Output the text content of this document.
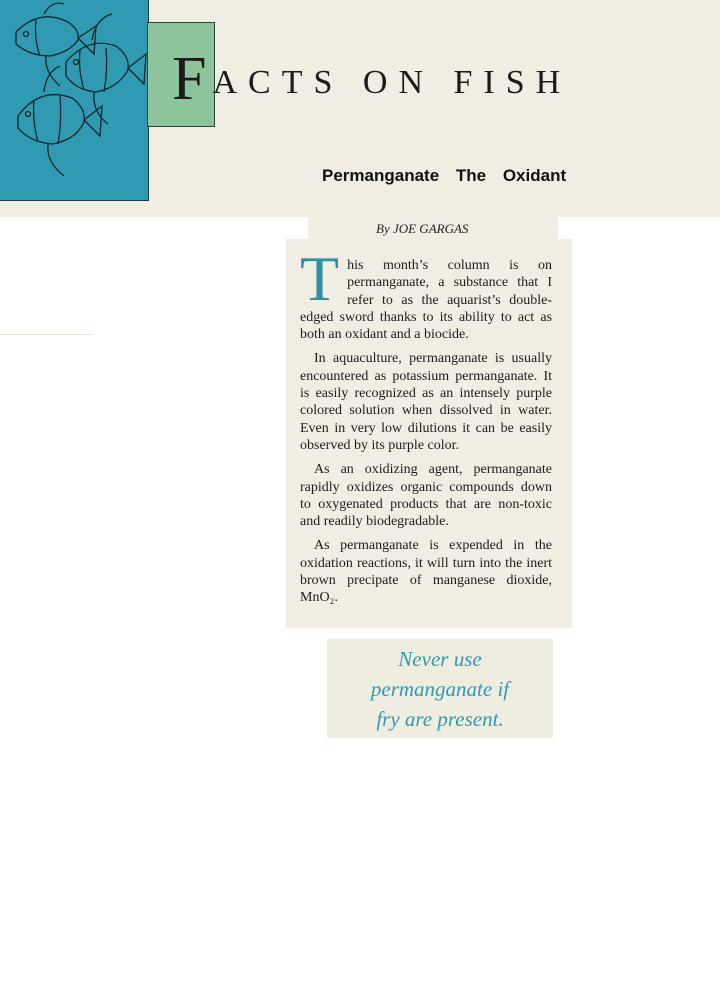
F ACTS ON FISH
Permanganate The Oxidant
By JOE GARGAS

T his month’s column is on permanganate, a substance that I refer to as the aquarist’s double-edged sword thanks to its ability to act as both an oxidant and a biocide.

In aquaculture, permanganate is usually encountered as potassium permanganate. It is easily recognized as an intensely purple colored solution when dissolved in water. Even in very low dilutions it can be easily observed by its purple color.

As an oxidizing agent, permanganate rapidly oxidizes organic compounds down to oxygenated products that are non-toxic and readily biodegradable.

As permanganate is expended in the oxidation reactions, it will turn into the inert brown precipate of manganese dioxide, MnO₂.

Never use
permanganate if
fry are present.
